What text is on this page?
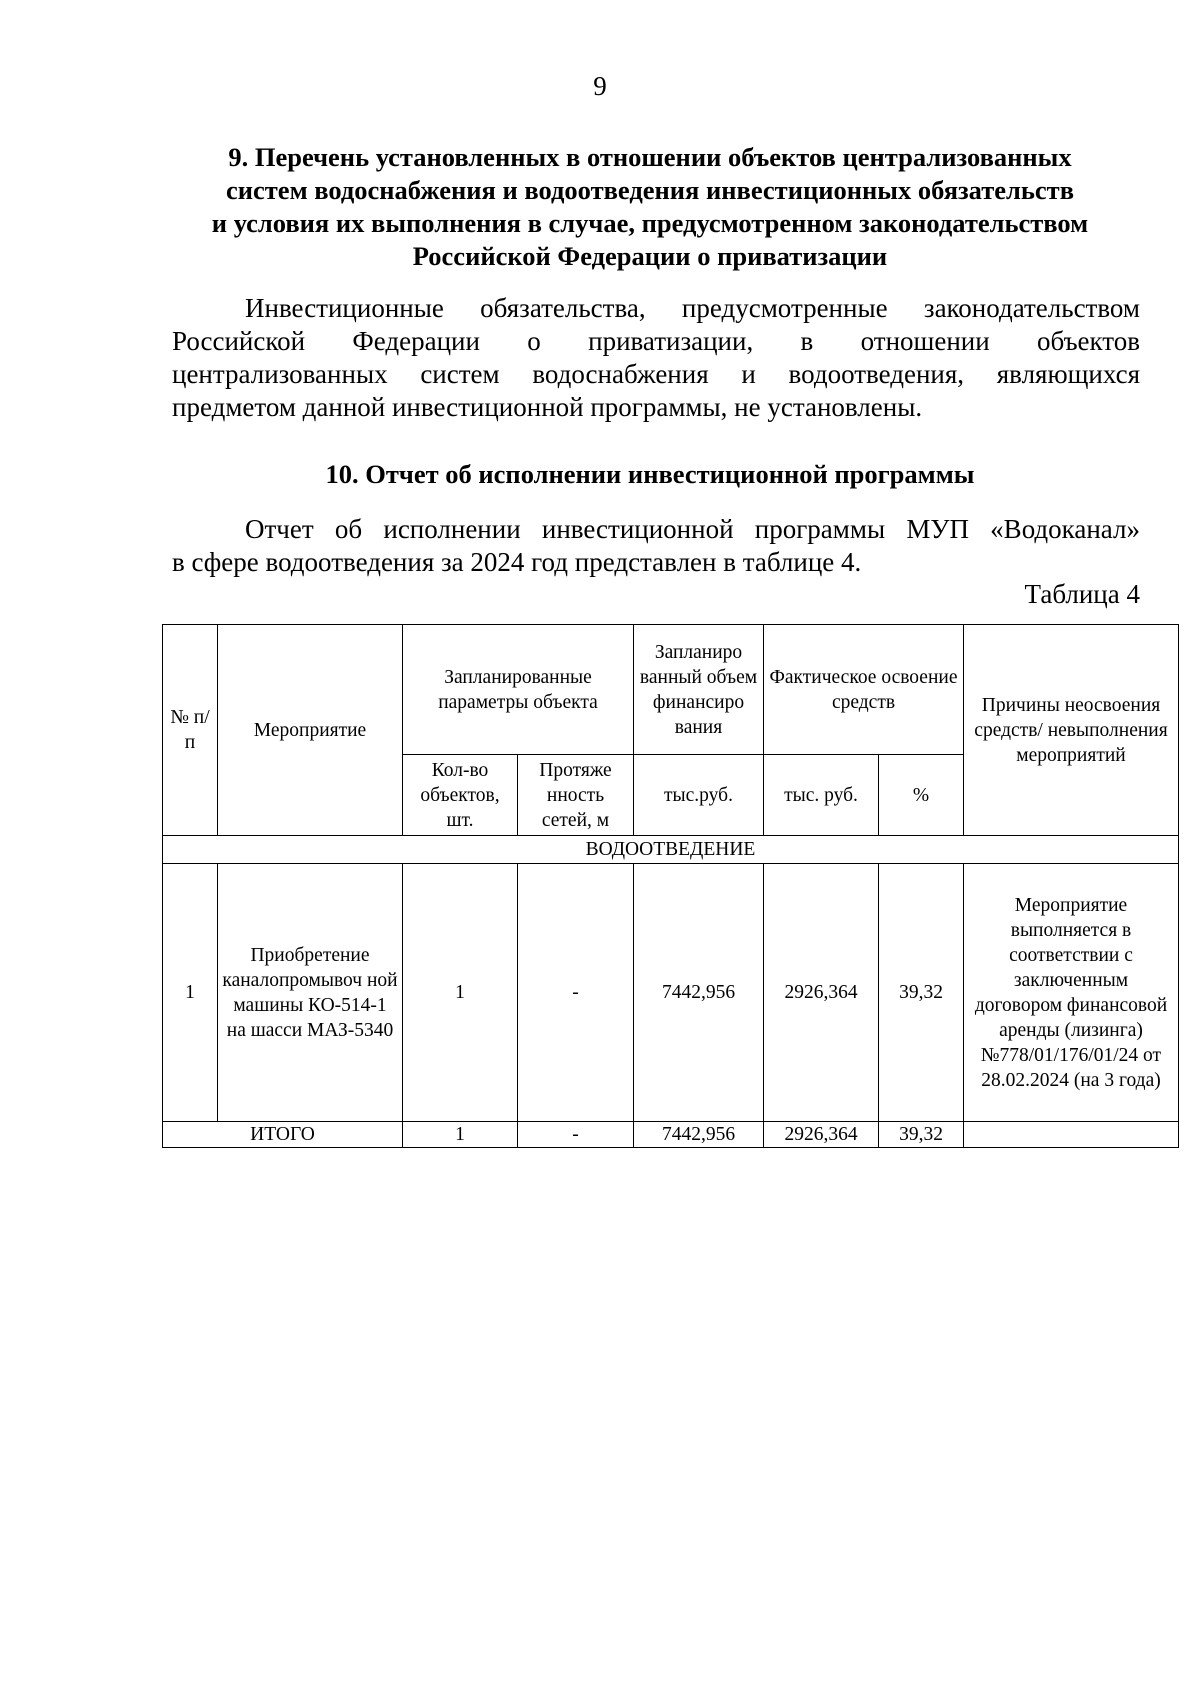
9
9. Перечень установленных в отношении объектов централизованных
систем водоснабжения и водоотведения инвестиционных обязательств
и условия их выполнения в случае, предусмотренном законодательством
Российской Федерации о приватизации
Инвестиционные обязательства, предусмотренные законодательством
Российской Федерации о приватизации, в отношении объектов
централизованных систем водоснабжения и водоотведения, являющихся
предметом данной инвестиционной программы, не установлены.
10. Отчет об исполнении инвестиционной программы
Отчет об исполнении инвестиционной программы МУП «Водоканал»
в сфере водоотведения за 2024 год представлен в таблице 4.
Таблица 4
№ п/п	Мероприятие	Запланированные параметры объекта		Запланиро ванный объем финансиро вания	Фактическое освоение средств		Причины неосвоения средств/ невыполнения мероприятий
		Кол-во объектов, шт.	Протяже нность сетей, м	тыс.руб.	тыс. руб.	%	
ВОДООТВЕДЕНИЕ							
1	Приобретение каналопромывоч ной машины КО-514-1 на шасси МАЗ-5340	1	-	7442,956	2926,364	39,32	Мероприятие выполняется в соответствии с заключенным договором финансовой аренды (лизинга) №778/01/176/01/24 от 28.02.2024 (на 3 года)
ИТОГО		1	-	7442,956	2926,364	39,32	
